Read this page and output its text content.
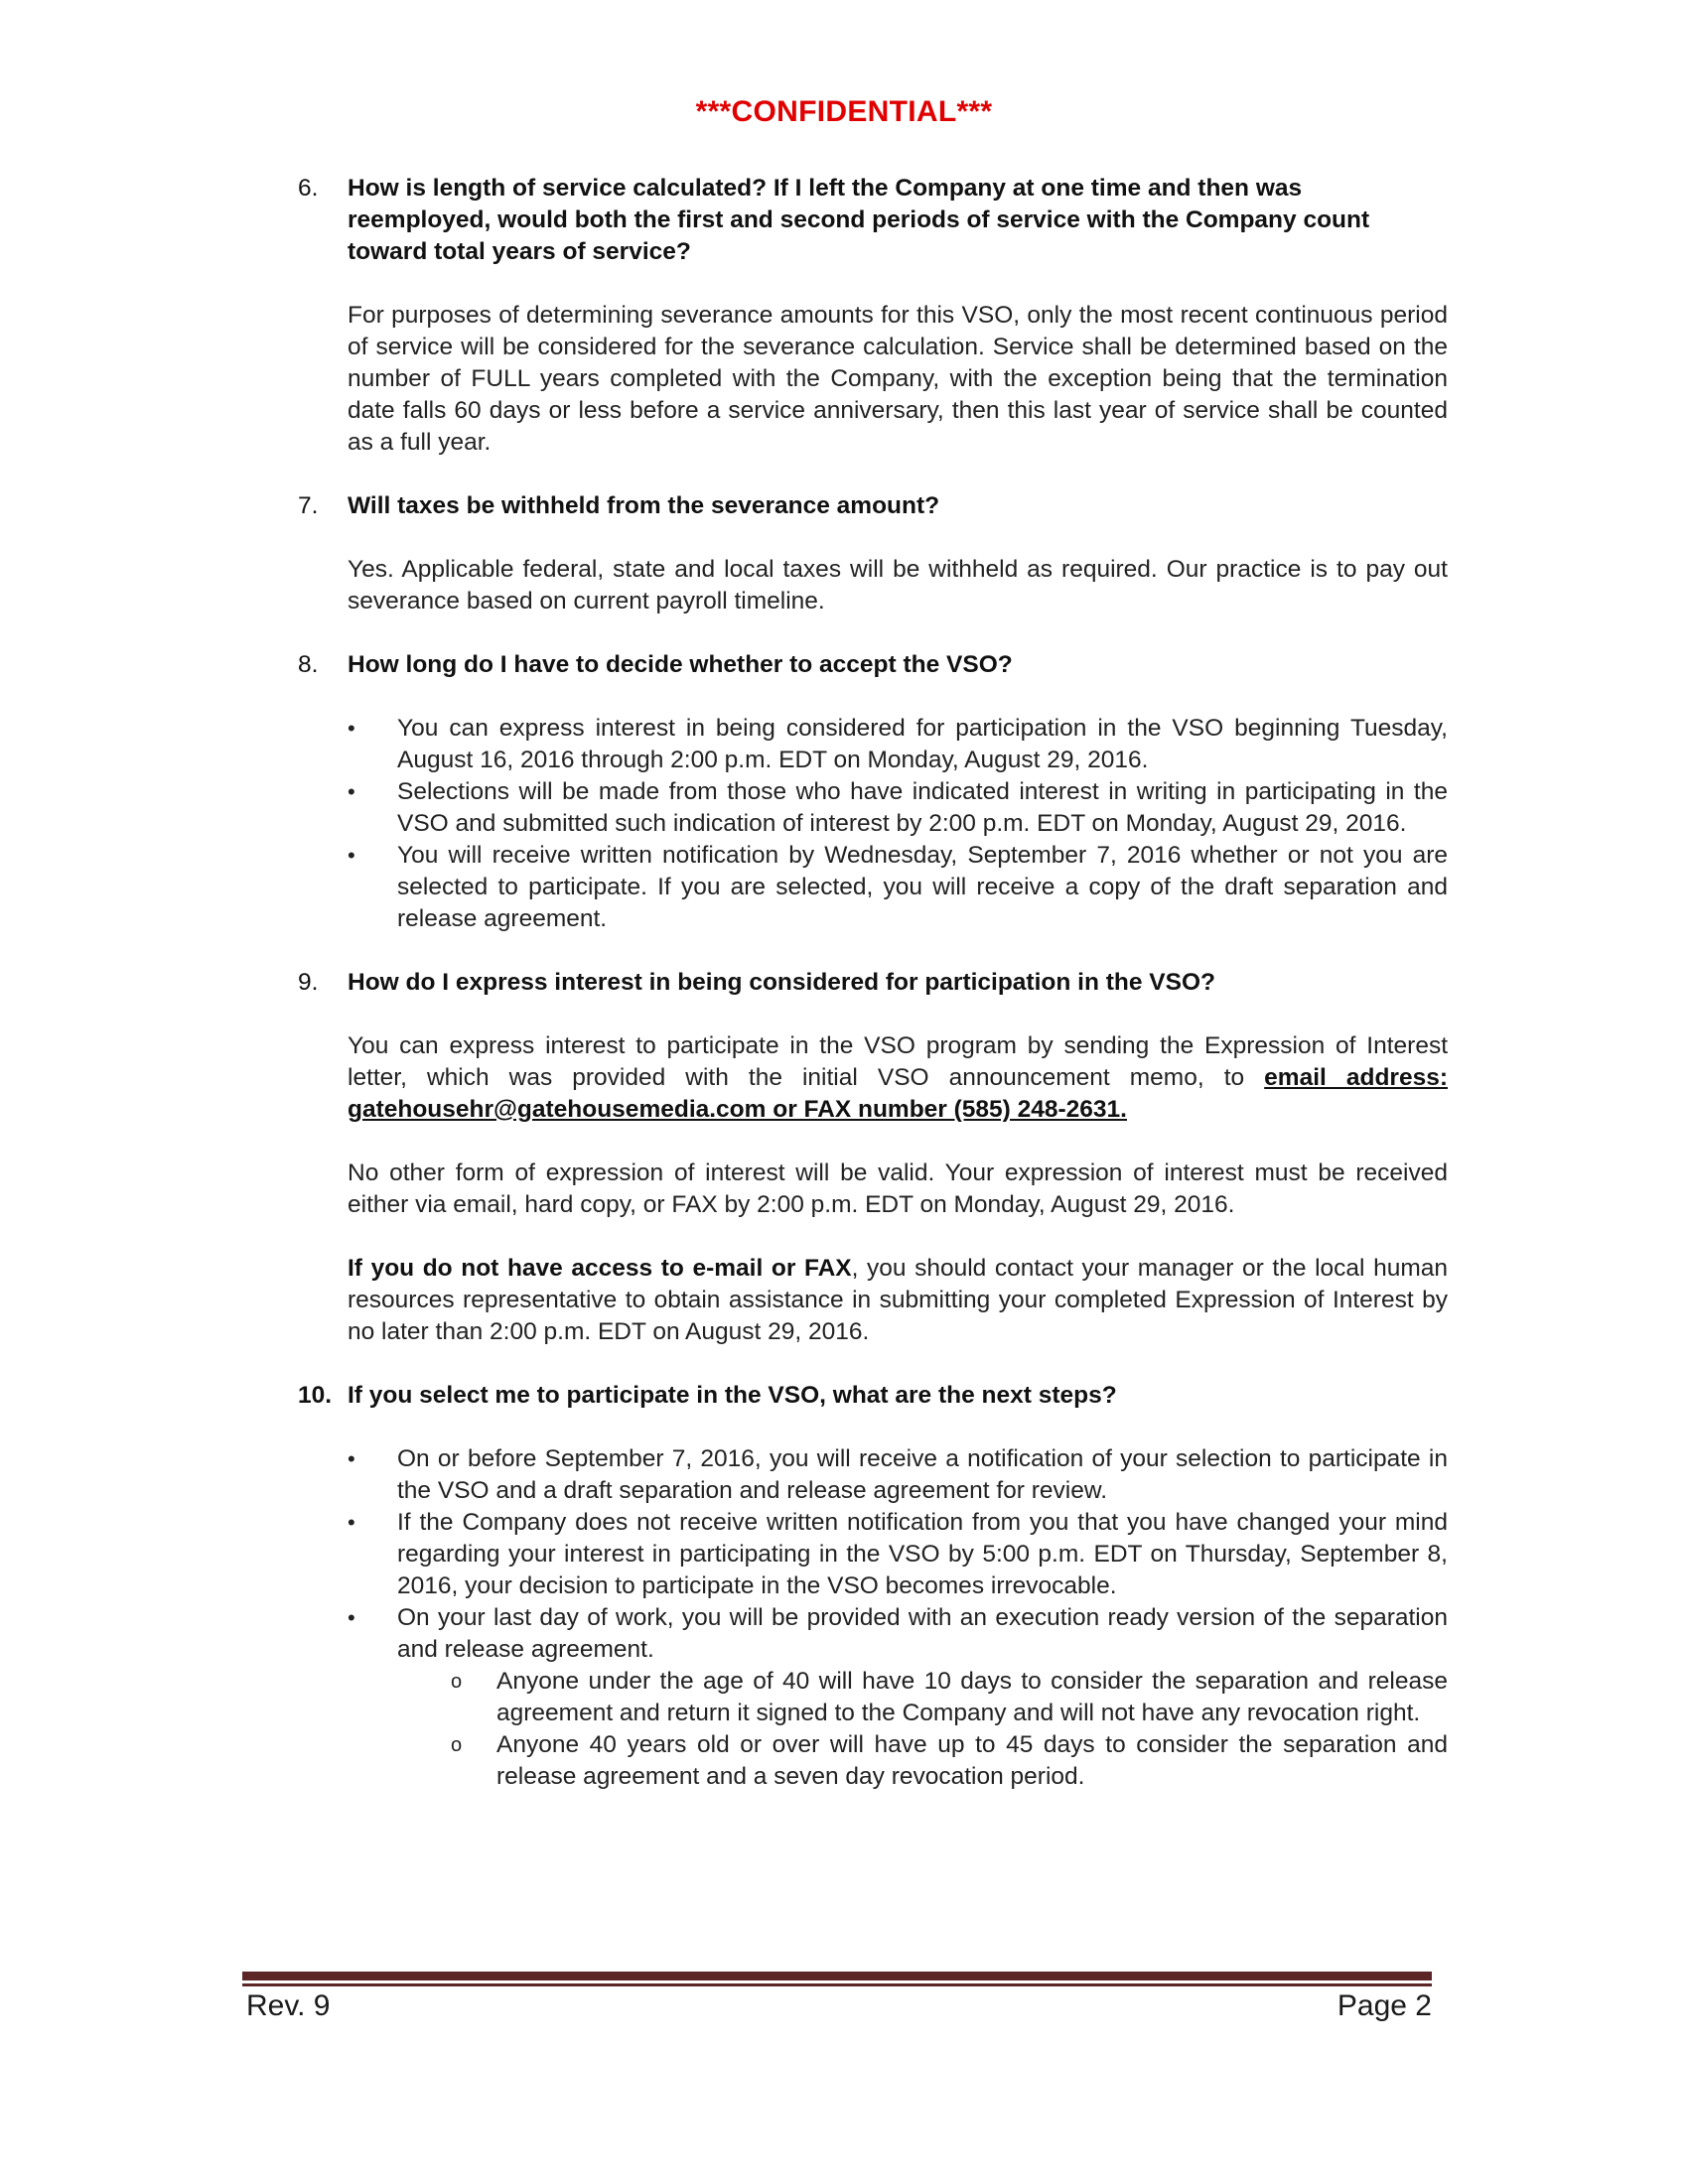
***CONFIDENTIAL***

6. How is length of service calculated? If I left the Company at one time and then was reemployed, would both the first and second periods of service with the Company count toward total years of service?

For purposes of determining severance amounts for this VSO, only the most recent continuous period of service will be considered for the severance calculation. Service shall be determined based on the number of FULL years completed with the Company, with the exception being that the termination date falls 60 days or less before a service anniversary, then this last year of service shall be counted as a full year.

7. Will taxes be withheld from the severance amount?

Yes. Applicable federal, state and local taxes will be withheld as required. Our practice is to pay out severance based on current payroll timeline.

8. How long do I have to decide whether to accept the VSO?

• You can express interest in being considered for participation in the VSO beginning Tuesday, August 16, 2016 through 2:00 p.m. EDT on Monday, August 29, 2016.
• Selections will be made from those who have indicated interest in writing in participating in the VSO and submitted such indication of interest by 2:00 p.m. EDT on Monday, August 29, 2016.
• You will receive written notification by Wednesday, September 7, 2016 whether or not you are selected to participate. If you are selected, you will receive a copy of the draft separation and release agreement.

9. How do I express interest in being considered for participation in the VSO?

You can express interest to participate in the VSO program by sending the Expression of Interest letter, which was provided with the initial VSO announcement memo, to email address: gatehousehr@gatehousemedia.com or FAX number (585) 248-2631.

No other form of expression of interest will be valid. Your expression of interest must be received either via email, hard copy, or FAX by 2:00 p.m. EDT on Monday, August 29, 2016.

If you do not have access to e-mail or FAX, you should contact your manager or the local human resources representative to obtain assistance in submitting your completed Expression of Interest by no later than 2:00 p.m. EDT on August 29, 2016.

10. If you select me to participate in the VSO, what are the next steps?

• On or before September 7, 2016, you will receive a notification of your selection to participate in the VSO and a draft separation and release agreement for review.
• If the Company does not receive written notification from you that you have changed your mind regarding your interest in participating in the VSO by 5:00 p.m. EDT on Thursday, September 8, 2016, your decision to participate in the VSO becomes irrevocable.
• On your last day of work, you will be provided with an execution ready version of the separation and release agreement.
o Anyone under the age of 40 will have 10 days to consider the separation and release agreement and return it signed to the Company and will not have any revocation right.
o Anyone 40 years old or over will have up to 45 days to consider the separation and release agreement and a seven day revocation period.
Rev. 9	Page 2
